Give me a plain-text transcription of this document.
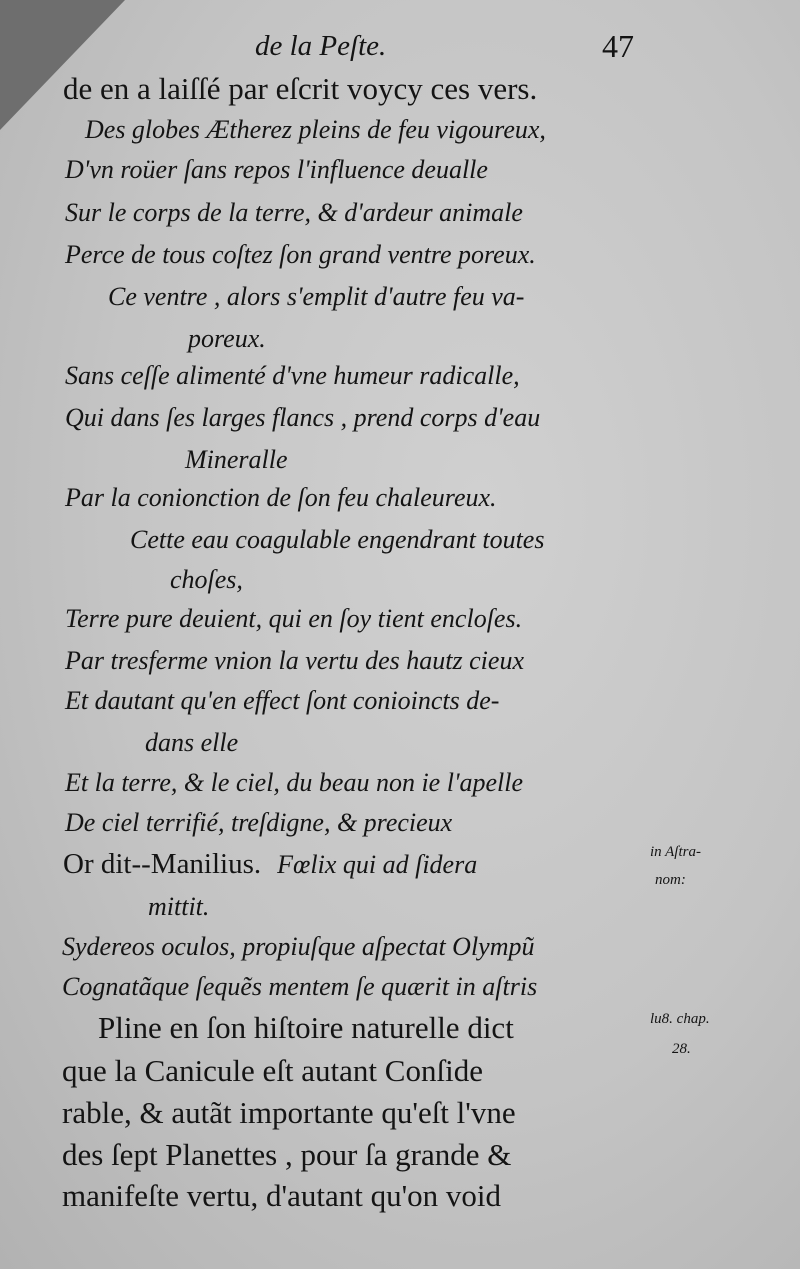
de la Peſte.	47
de en a laiſſé par eſcrit voycy ces vers.
Des globes Ætherez pleins de feu vigoureux,
D'vn roüer ſans repos l'influence deualle
Sur le corps de la terre, & d'ardeur animale
Perce de tous coſtez ſon grand ventre poreux.
Ce ventre , alors s'emplit d'autre feu va-
poreux.
Sans ceſſe alimenté d'vne humeur radicalle,
Qui dans ſes larges flancs , prend corps d'eau
Mineralle
Par la conionction de ſon feu chaleureux.
Cette eau coagulable engendrant toutes
choſes,
Terre pure deuient, qui en ſoy tient encloſes.
Par tresferme vnion la vertu des hautz cieux
Et dautant qu'en effect ſont conioincts de-
dans elle
Et la terre, & le ciel, du beau non ie l'apelle
De ciel terrifié, treſdigne, & precieux
Or dit--Manilius. Fœlix qui ad ſidera
mittit.
Sydereos oculos, propiuſque aſpectat Olympũ
Cognatãque ſequẽs mentem ſe quærit in aſtris
Pline en ſon hiſtoire naturelle dict
que la Canicule eſt autant Conſide
rable, & autãt importante qu'eſt l'vne
des ſept Planettes , pour ſa grande &
manifeſte vertu, d'autant qu'on void
in Aſtra-
nom:
lu8. chap.
28.
